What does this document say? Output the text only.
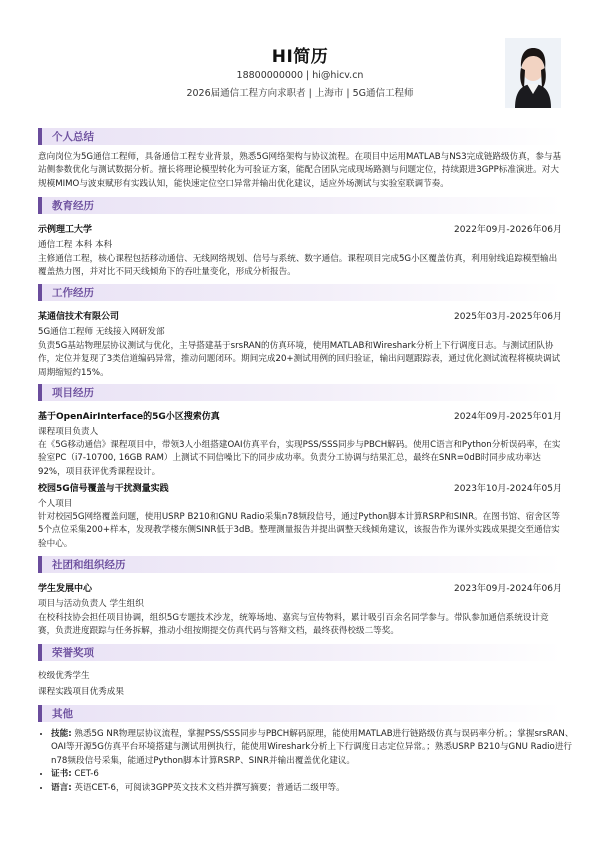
HI简历
18800000000 | hi@hicv.cn
2026届通信工程方向求职者 | 上海市 | 5G通信工程师
个人总结
意向岗位为5G通信工程师，具备通信工程专业背景，熟悉5G网络架构与协议流程。在项目中运用MATLAB与NS3完成链路级仿真，参与基站侧参数优化与测试数据分析。擅长将理论模型转化为可验证方案，能配合团队完成现场路测与问题定位，持续跟进3GPP标准演进。对大规模MIMO与波束赋形有实践认知，能快速定位空口异常并输出优化建议，适应外场测试与实验室联调节奏。
教育经历
示例理工大学	2022年09月-2026年06月
通信工程 本科 本科
主修通信工程，核心课程包括移动通信、无线网络规划、信号与系统、数字通信。课程项目完成5G小区覆盖仿真，利用射线追踪模型输出覆盖热力图，并对比不同天线倾角下的吞吐量变化，形成分析报告。
工作经历
某通信技术有限公司	2025年03月-2025年06月
5G通信工程师 无线接入网研发部
负责5G基站物理层协议测试与优化，主导搭建基于srsRAN的仿真环境，使用MATLAB和Wireshark分析上下行调度日志。与测试团队协作，定位并复现了3类信道编码异常，推动问题闭环。期间完成20+测试用例的回归验证，输出问题跟踪表，通过优化测试流程将模块调试周期缩短约15%。
项目经历
基于OpenAirInterface的5G小区搜索仿真	2024年09月-2025年01月
课程项目负责人
在《5G移动通信》课程项目中，带领3人小组搭建OAI仿真平台，实现PSS/SSS同步与PBCH解码。使用C语言和Python分析误码率，在实验室PC（i7-10700, 16GB RAM）上测试不同信噪比下的同步成功率。负责分工协调与结果汇总，最终在SNR=0dB时同步成功率达92%，项目获评优秀课程设计。
校园5G信号覆盖与干扰测量实践	2023年10月-2024年05月
个人项目
针对校园5G网络覆盖问题，使用USRP B210和GNU Radio采集n78频段信号，通过Python脚本计算RSRP和SINR。在图书馆、宿舍区等5个点位采集200+样本，发现教学楼东侧SINR低于3dB。整理测量报告并提出调整天线倾角建议，该报告作为课外实践成果提交至通信实验中心。
社团和组织经历
学生发展中心	2023年09月-2024年06月
项目与活动负责人 学生组织
在校科技协会担任项目协调，组织5G专题技术沙龙，统筹场地、嘉宾与宣传物料，累计吸引百余名同学参与。带队参加通信系统设计竞赛，负责进度跟踪与任务拆解，推动小组按期提交仿真代码与答辩文档，最终获得校级二等奖。
荣誉奖项
校级优秀学生
课程实践项目优秀成果
其他
• 技能: 熟悉5G NR物理层协议流程，掌握PSS/SSS同步与PBCH解码原理，能使用MATLAB进行链路级仿真与误码率分析。；掌握srsRAN、OAI等开源5G仿真平台环境搭建与测试用例执行，能使用Wireshark分析上下行调度日志定位异常。；熟悉USRP B210与GNU Radio进行n78频段信号采集，能通过Python脚本计算RSRP、SINR并输出覆盖优化建议。
• 证书: CET-6
• 语言: 英语CET-6，可阅读3GPP英文技术文档并撰写摘要；普通话二级甲等。
